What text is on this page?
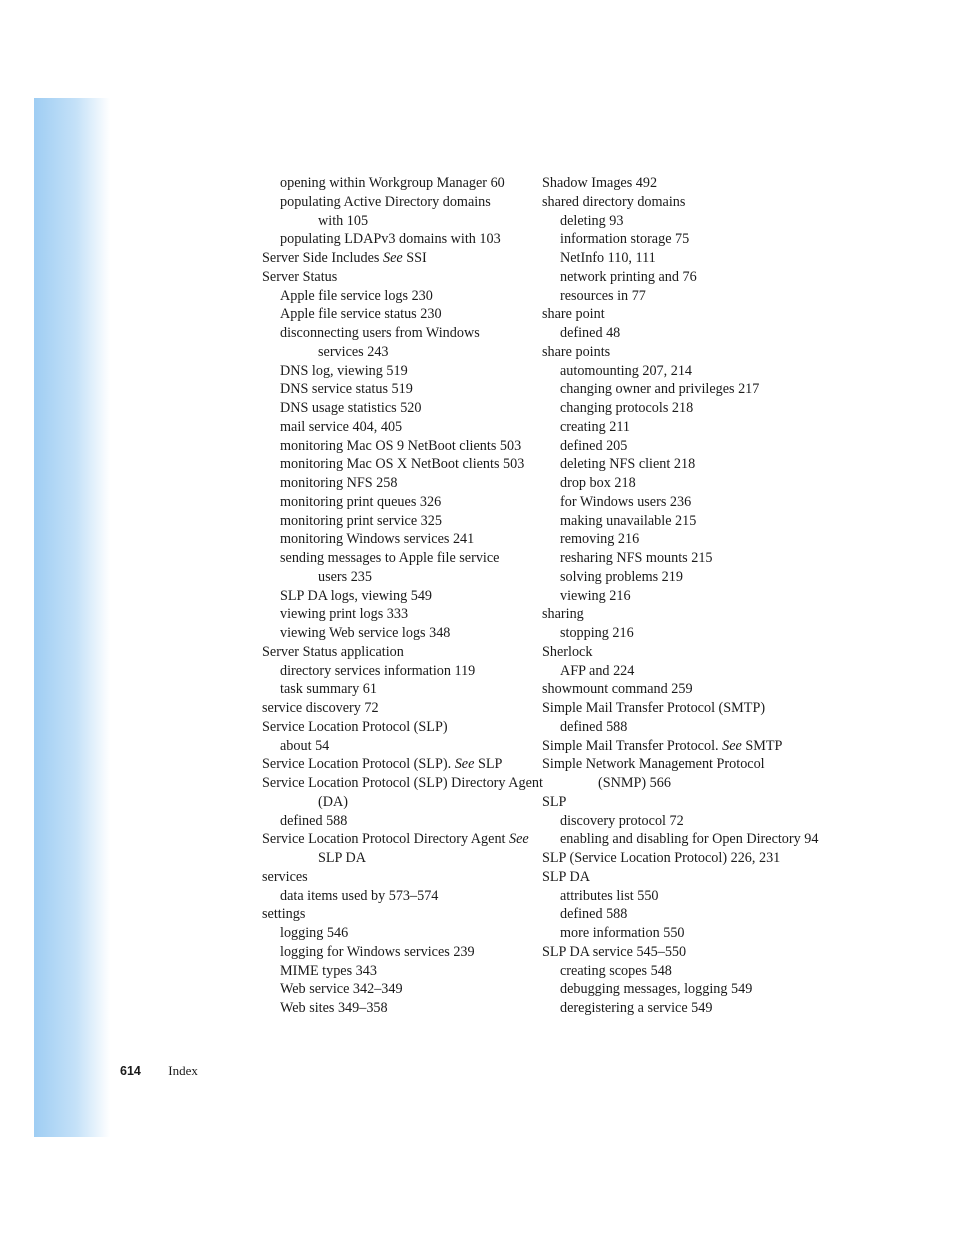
opening within Workgroup Manager 60
populating Active Directory domains
with 105
populating LDAPv3 domains with 103
Server Side Includes See SSI
Server Status
Apple file service logs 230
Apple file service status 230
disconnecting users from Windows
services 243
DNS log, viewing 519
DNS service status 519
DNS usage statistics 520
mail service 404, 405
monitoring Mac OS 9 NetBoot clients 503
monitoring Mac OS X NetBoot clients 503
monitoring NFS 258
monitoring print queues 326
monitoring print service 325
monitoring Windows services 241
sending messages to Apple file service
users 235
SLP DA logs, viewing 549
viewing print logs 333
viewing Web service logs 348
Server Status application
directory services information 119
task summary 61
service discovery 72
Service Location Protocol (SLP)
about 54
Service Location Protocol (SLP). See SLP
Service Location Protocol (SLP) Directory Agent
(DA)
defined 588
Service Location Protocol Directory Agent See
SLP DA
services
data items used by 573–574
settings
logging 546
logging for Windows services 239
MIME types 343
Web service 342–349
Web sites 349–358
Shadow Images 492
shared directory domains
deleting 93
information storage 75
NetInfo 110, 111
network printing and 76
resources in 77
share point
defined 48
share points
automounting 207, 214
changing owner and privileges 217
changing protocols 218
creating 211
defined 205
deleting NFS client 218
drop box 218
for Windows users 236
making unavailable 215
removing 216
resharing NFS mounts 215
solving problems 219
viewing 216
sharing
stopping 216
Sherlock
AFP and 224
showmount command 259
Simple Mail Transfer Protocol (SMTP)
defined 588
Simple Mail Transfer Protocol. See SMTP
Simple Network Management Protocol
(SNMP) 566
SLP
discovery protocol 72
enabling and disabling for Open Directory 94
SLP (Service Location Protocol) 226, 231
SLP DA
attributes list 550
defined 588
more information 550
SLP DA service 545–550
creating scopes 548
debugging messages, logging 549
deregistering a service 549
614 Index
